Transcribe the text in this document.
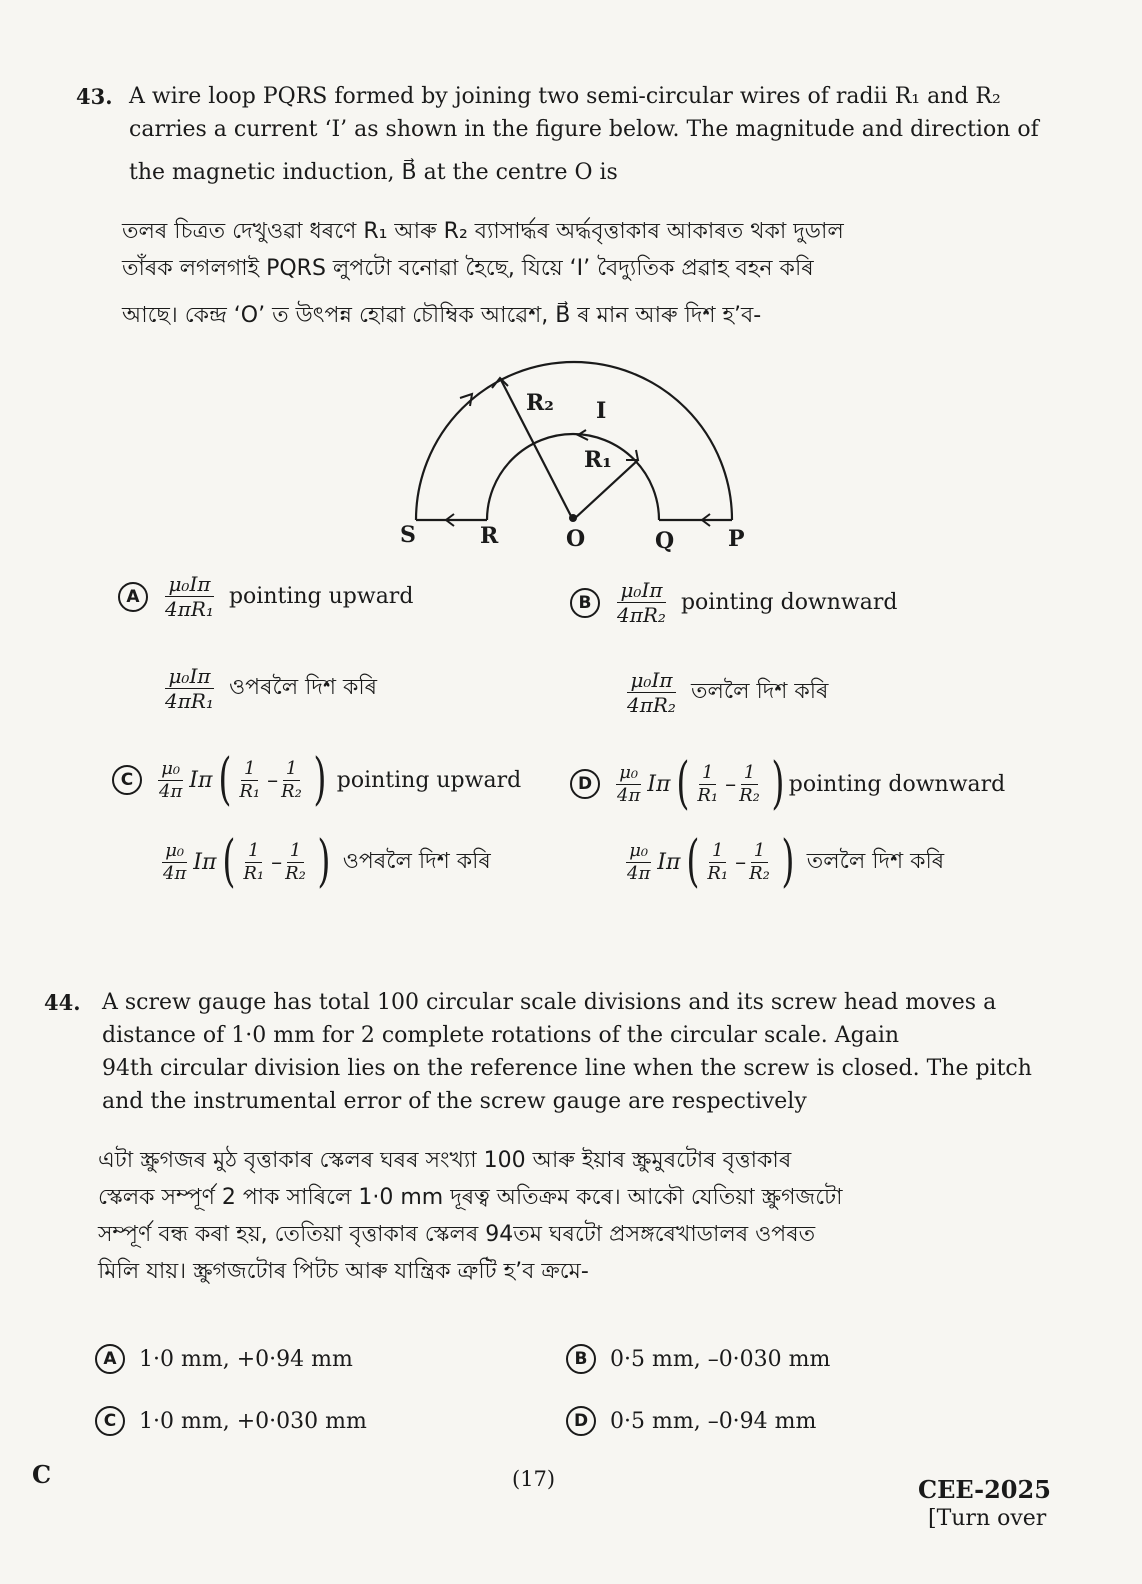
43. A wire loop PQRS formed by joining two semi-circular wires of radii R₁ and R₂
carries a current ‘I’ as shown in the figure below. The magnitude and direction of
the magnetic induction, B⃗ at the centre O is
তলৰ চিত্ৰত দেখুওৱা ধৰণে R₁ আৰু R₂ ব্যাসাৰ্দ্ধৰ অৰ্দ্ধবৃত্তাকাৰ আকাৰত থকা দুডাল
তাঁৰক লগলগাই PQRS লুপটো বনোৱা হৈছে, যিয়ে ‘I’ বৈদ্যুতিক প্ৰৱাহ বহন কৰি
আছে। কেন্দ্ৰ ‘O’ ত উৎপন্ন হোৱা চৌম্বিক আৱেশ, B⃗ ৰ মান আৰু দিশ হ’ব-
S	R	O	Q P
R₂ I
R₁
A	$\frac{\text{μ₀Iπ}}{\text{4πR₁}}$ pointing upward
$\frac{\text{μ₀Iπ}}{\text{4πR₁}}$ ওপৰলৈ দিশ কৰি
B	$\frac{\text{μ₀Iπ}}{\text{4πR₂}}$ pointing downward
$\frac{\text{μ₀Iπ}}{\text{4πR₂}}$ তললৈ দিশ কৰি
C	$\frac{\text{μ₀}}{4\pi}$ Iπ ( $\frac{1}{\text{R₁}} - \frac{1}{\text{R₂}}$ ) pointing upward
$\frac{\text{μ₀}}{4\pi}$ Iπ ( $\frac{1}{\text{R₁}} - \frac{1}{\text{R₂}}$ ) ওপৰলৈ দিশ কৰি
D	$\frac{\text{μ₀}}{4\pi}$ Iπ ( $\frac{1}{\text{R₁}} - \frac{1}{\text{R₂}}$ ) pointing downward
$\frac{\text{μ₀}}{4\pi}$ Iπ ( $\frac{1}{\text{R₁}} - \frac{1}{\text{R₂}}$ ) তললৈ দিশ কৰি
44. A screw gauge has total 100 circular scale divisions and its screw head moves a
distance of 1·0 mm for 2 complete rotations of the circular scale. Again
94th circular division lies on the reference line when the screw is closed. The pitch
and the instrumental error of the screw gauge are respectively
এটা স্ক্ৰুগজৰ মুঠ বৃত্তাকাৰ স্কেলৰ ঘৰৰ সংখ্যা 100 আৰু ইয়াৰ স্ক্ৰুমুৰটোৰ বৃত্তাকাৰ
স্কেলক সম্পূৰ্ণ 2 পাক সাৰিলে 1·0 mm দূৰত্ব অতিক্ৰম কৰে। আকৌ যেতিয়া স্ক্ৰুগজটো
সম্পূৰ্ণ বন্ধ কৰা হয়, তেতিয়া বৃত্তাকাৰ স্কেলৰ 94তম ঘৰটো প্ৰসঙ্গৰেখাডালৰ ওপৰত
মিলি যায়। স্ক্ৰুগজটোৰ পিটচ আৰু যান্ত্ৰিক ত্ৰুটি হ’ব ক্ৰমে-
A	1·0 mm, +0·94 mm	B	0·5 mm, –0·030 mm
C	1·0 mm, +0·030 mm	D 0·5 mm, –0·94 mm
C	(17)	CEE-2025
[Turn over
